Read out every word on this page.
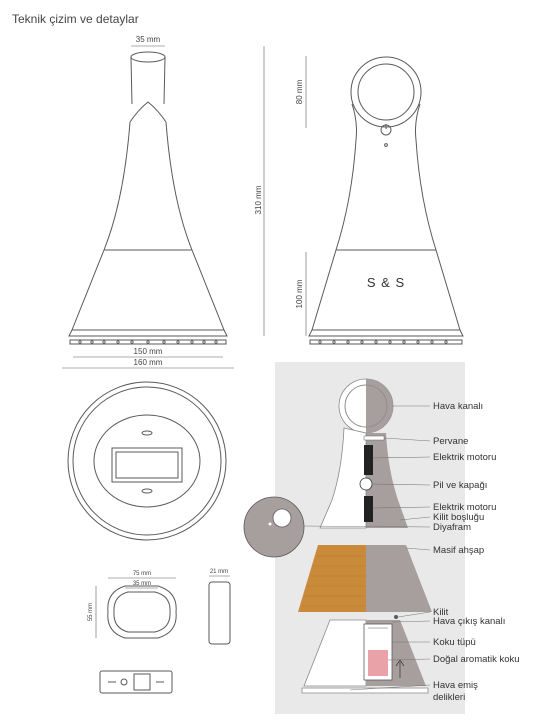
Teknik çizim ve detaylar
35 mm
150 mm
160 mm
310 mm
S & S
80 mm
100 mm
75 mm
35 mm
55 mm
21 mm
Hava kanalı
Pervane
Elektrik motoru
Pil ve kapağı
Elektrik motoru
Kilit boşluğu
Diyafram
Masif ahşap
Kilit
Hava çıkış kanalı
Koku tüpü
Doğal aromatik koku
Hava emiş
delikleri
